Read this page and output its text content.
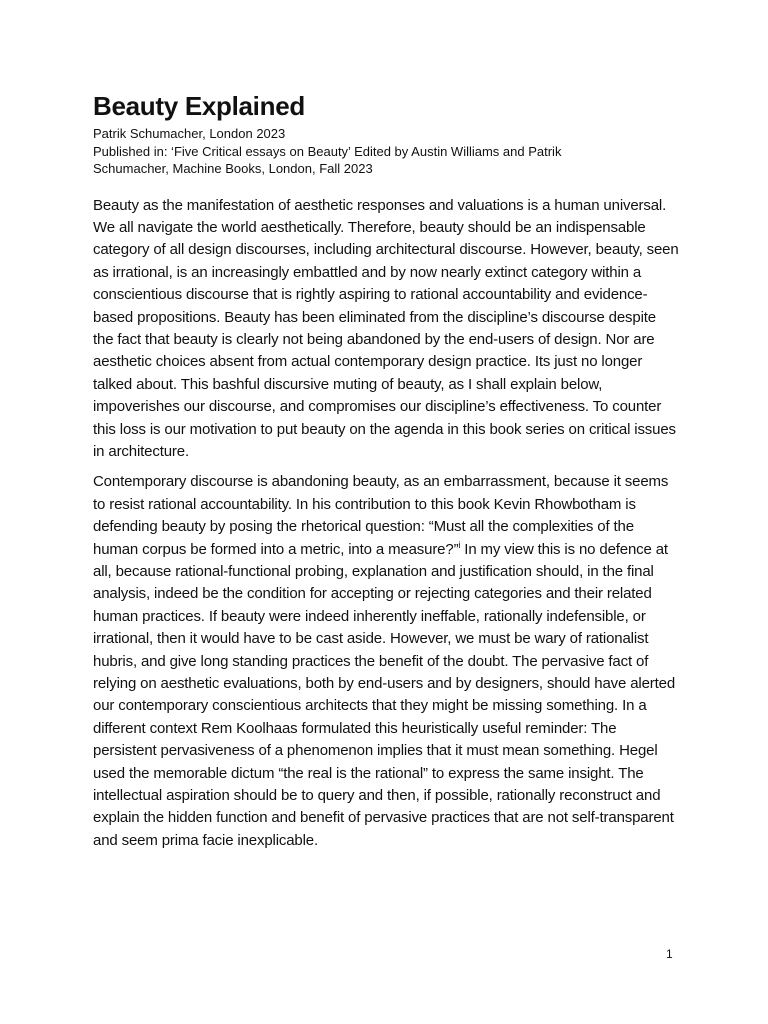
Beauty Explained

Patrik Schumacher, London 2023

Published in: ‘Five Critical essays on Beauty’ Edited by Austin Williams and Patrik

Schumacher, Machine Books, London, Fall 2023

Beauty as the manifestation of aesthetic responses and valuations is a human universal. We all navigate the world aesthetically. Therefore, beauty should be an indispensable category of all design discourses, including architectural discourse. However, beauty, seen as irrational, is an increasingly embattled and by now nearly extinct category within a conscientious discourse that is rightly aspiring to rational accountability and evidence-based propositions. Beauty has been eliminated from the discipline’s discourse despite the fact that beauty is clearly not being abandoned by the end-users of design. Nor are aesthetic choices absent from actual contemporary design practice. Its just no longer talked about. This bashful discursive muting of beauty, as I shall explain below, impoverishes our discourse, and compromises our discipline’s effectiveness. To counter this loss is our motivation to put beauty on the agenda in this book series on critical issues in architecture.

Contemporary discourse is abandoning beauty, as an embarrassment, because it seems to resist rational accountability. In his contribution to this book Kevin Rhowbotham is defending beauty by posing the rhetorical question: “Must all the complexities of the human corpus be formed into a metric, into a measure?”$^i$ In my view this is no defence at all, because rational-functional probing, explanation and justification should, in the final analysis, indeed be the condition for accepting or rejecting categories and their related human practices. If beauty were indeed inherently ineffable, rationally indefensible, or irrational, then it would have to be cast aside. However, we must be wary of rationalist hubris, and give long standing practices the benefit of the doubt. The pervasive fact of relying on aesthetic evaluations, both by end-users and by designers, should have alerted our contemporary conscientious architects that they might be missing something. In a different context Rem Koolhaas formulated this heuristically useful reminder: The persistent pervasiveness of a phenomenon implies that it must mean something. Hegel used the memorable dictum “the real is the rational” to express the same insight. The intellectual aspiration should be to query and then, if possible, rationally reconstruct and explain the hidden function and benefit of pervasive practices that are not self-transparent and seem prima facie inexplicable.

1
